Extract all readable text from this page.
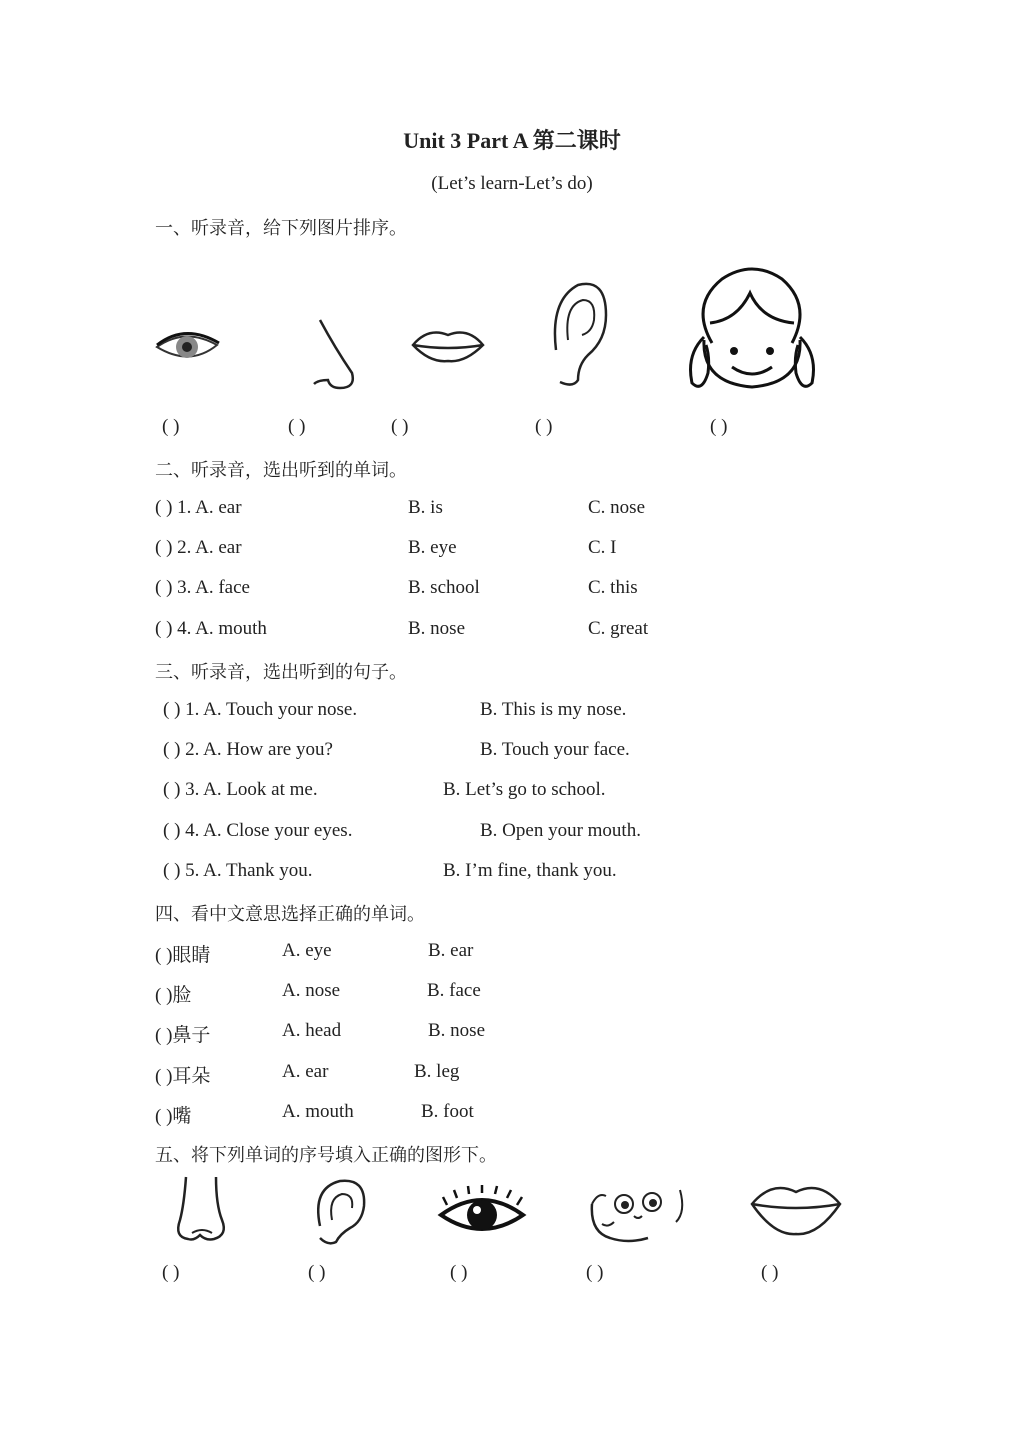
Unit 3 Part A 第二课时
(Let’s learn-Let’s do)
一、听录音，给下列图片排序。
( )	( )	( )	( )	( )
二、听录音，选出听到的单词。
( ) 1. A. ear	B. is	C. nose
( ) 2. A. ear	B. eye	C. I
( ) 3. A. face	B. school	C. this
( ) 4. A. mouth	B. nose	C. great
三、听录音，选出听到的句子。
( ) 1. A. Touch your nose.	B. This is my nose.
( ) 2. A. How are you?	B. Touch your face.
( ) 3. A. Look at me.	B. Let’s go to school.
( ) 4. A. Close your eyes.	B. Open your mouth.
( ) 5. A. Thank you.	B. I’m fine, thank you.
四、看中文意思选择正确的单词。
( )眼睛	A. eye	B. ear
( )脸	A. nose	B. face
( )鼻子	A. head	B. nose
( )耳朵	A. ear	B. leg
( )嘴	A. mouth	B. foot
五、将下列单词的序号填入正确的图形下。
( )	( )	( )	( )	( )
